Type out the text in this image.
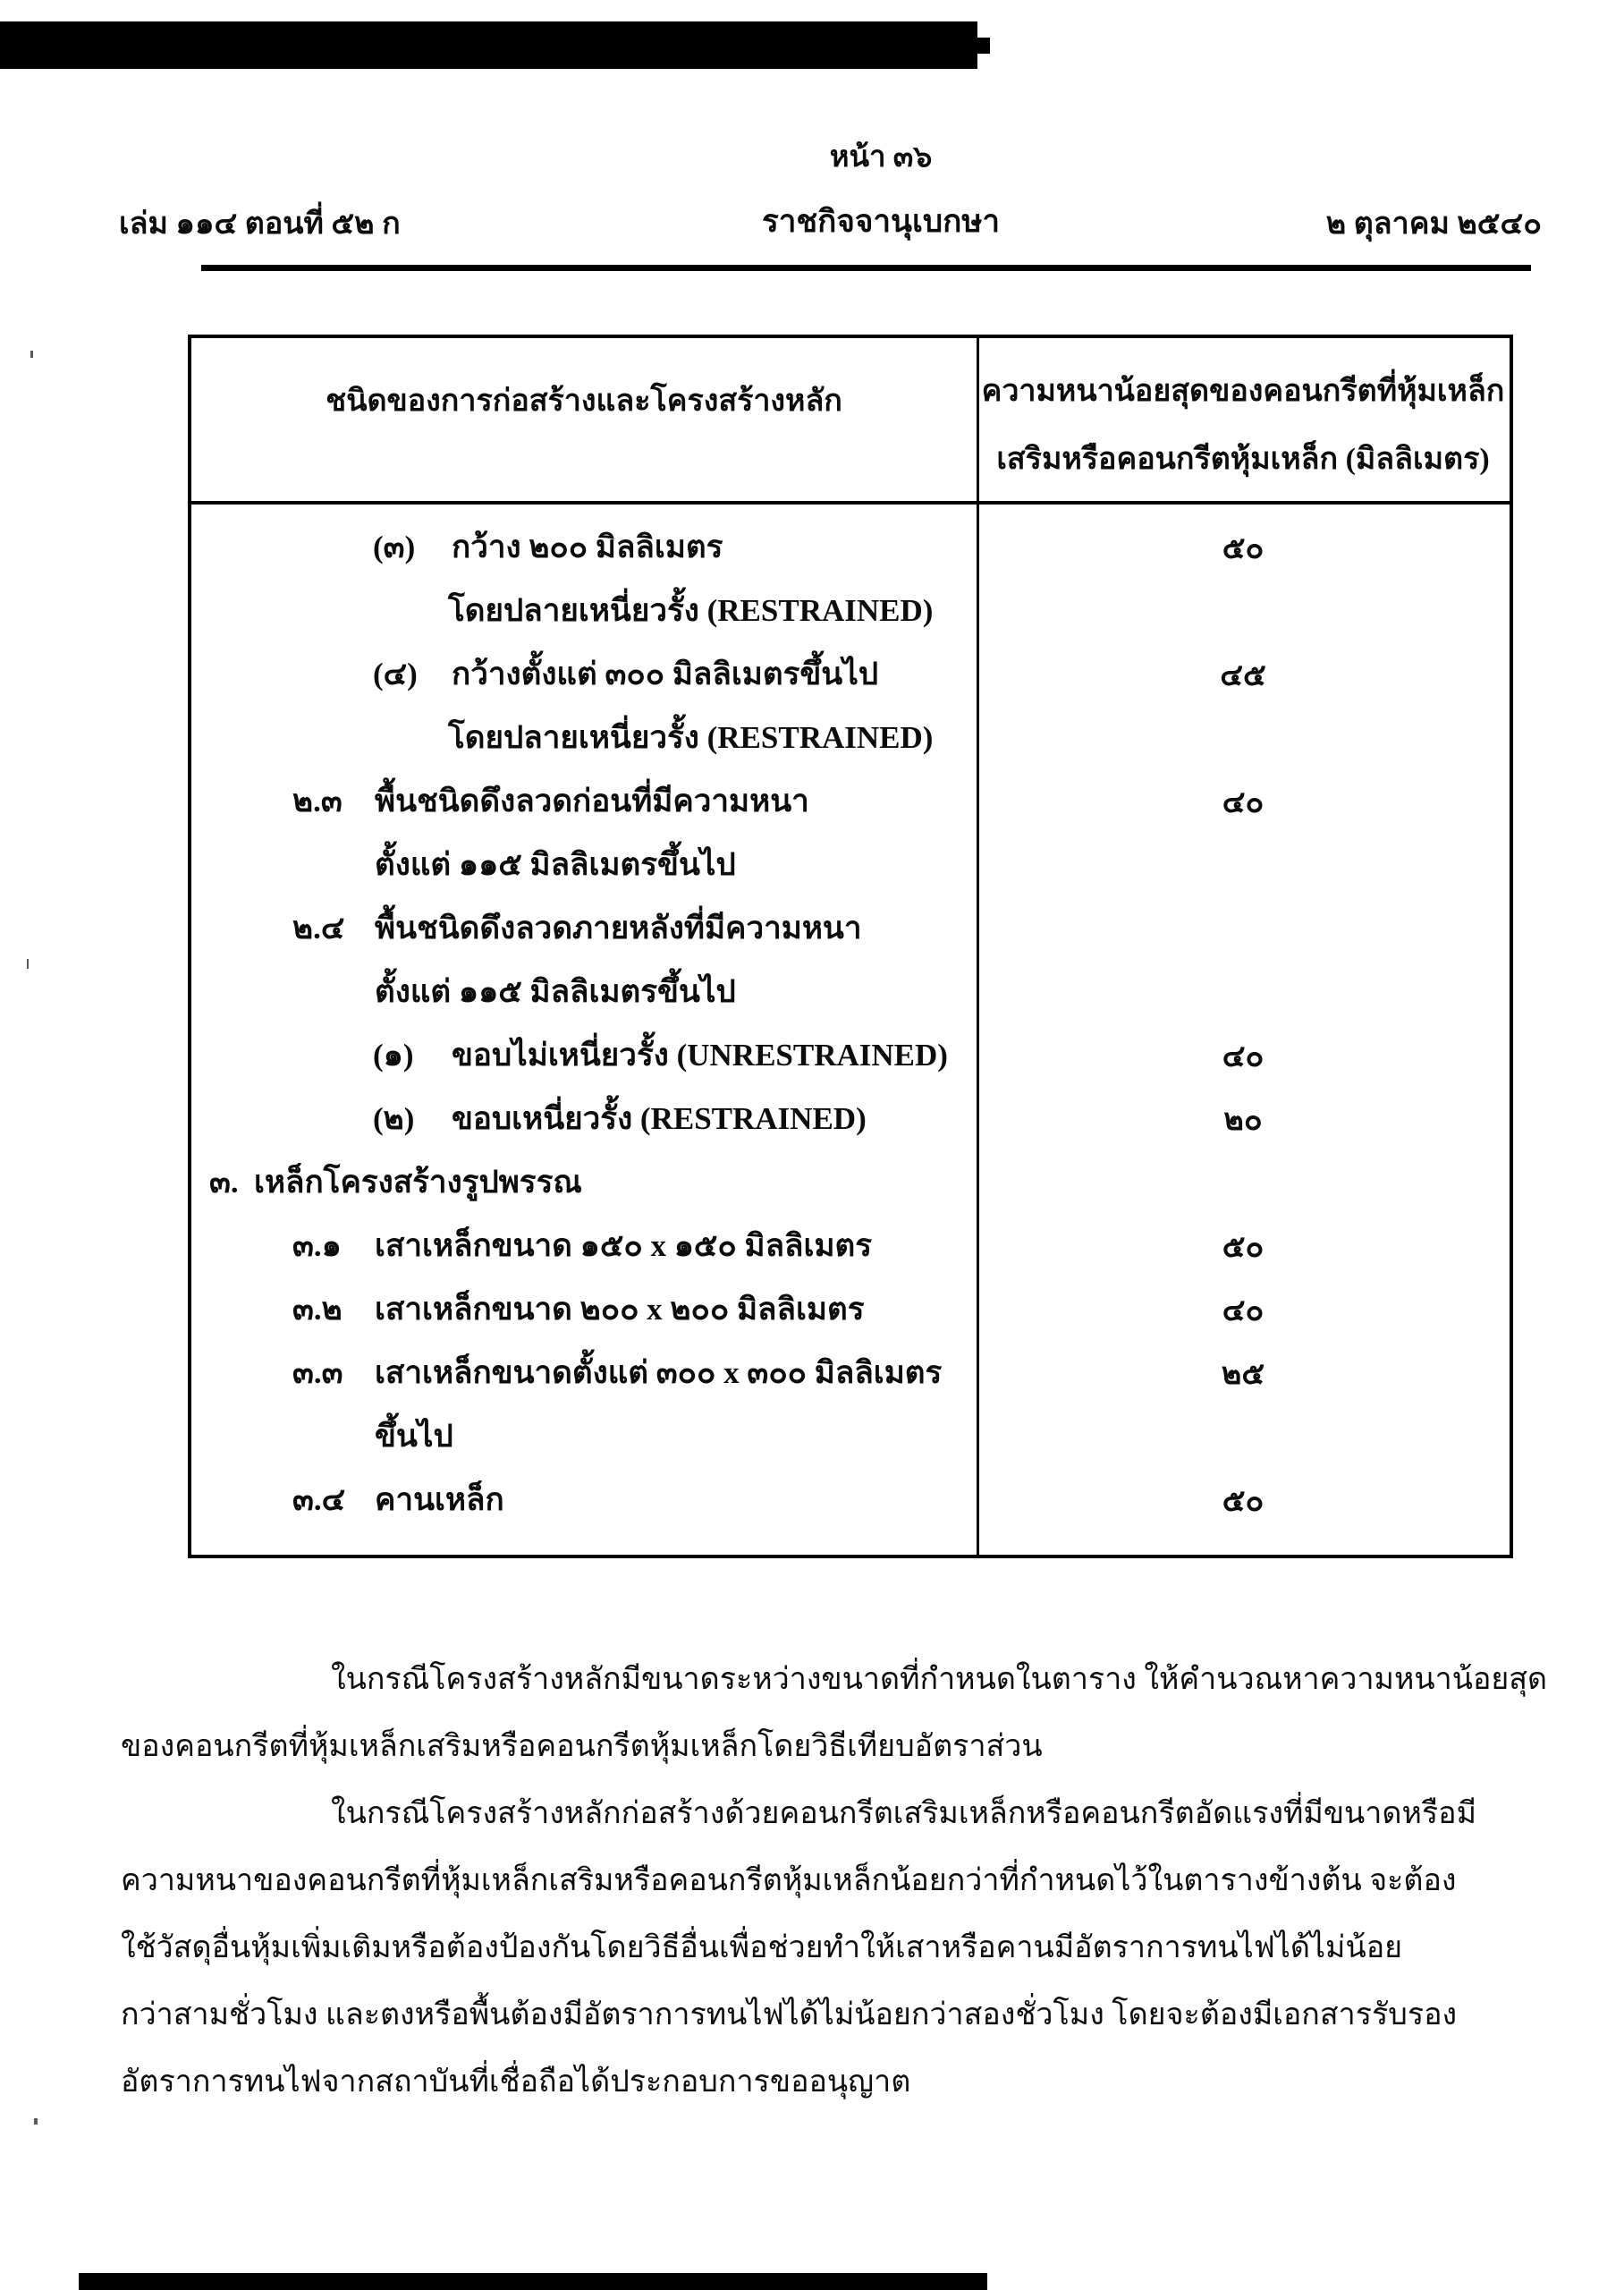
หน้า ๓๖
เล่ม ๑๑๔ ตอนที่ ๕๒ ก	ราชกิจจานุเบกษา	๒ ตุลาคม ๒๕๔๐
ชนิดของการก่อสร้างและโครงสร้างหลัก	ความหนาน้อยสุดของคอนกรีตที่หุ้มเหล็ก
เสริมหรือคอนกรีตหุ้มเหล็ก (มิลลิเมตร)
(๓)	กว้าง ๒๐๐ มิลลิเมตร	๕๐
โดยปลายเหนี่ยวรั้ง (RESTRAINED)
(๔)	กว้างตั้งแต่ ๓๐๐ มิลลิเมตรขึ้นไป	๔๕
โดยปลายเหนี่ยวรั้ง (RESTRAINED)
๒.๓	พื้นชนิดดึงลวดก่อนที่มีความหนา	๔๐
ตั้งแต่ ๑๑๕ มิลลิเมตรขึ้นไป
๒.๔ พื้นชนิดดึงลวดภายหลังที่มีความหนา
ตั้งแต่ ๑๑๕ มิลลิเมตรขึ้นไป
(๑)	ขอบไม่เหนี่ยวรั้ง (UNRESTRAINED)	๔๐
(๒)	ขอบเหนี่ยวรั้ง (RESTRAINED)	๒๐
๓. เหล็กโครงสร้างรูปพรรณ
๓.๑	เสาเหล็กขนาด ๑๕๐ x ๑๕๐ มิลลิเมตร	๕๐
๓.๒	เสาเหล็กขนาด ๒๐๐ x ๒๐๐ มิลลิเมตร	๔๐
๓.๓	เสาเหล็กขนาดตั้งแต่ ๓๐๐ x ๓๐๐ มิลลิเมตร	๒๕
ขึ้นไป
๓.๔ คานเหล็ก	๕๐
ในกรณีโครงสร้างหลักมีขนาดระหว่างขนาดที่กำหนดในตาราง ให้คำนวณหาความหนาน้อยสุด
ของคอนกรีตที่หุ้มเหล็กเสริมหรือคอนกรีตหุ้มเหล็กโดยวิธีเทียบอัตราส่วน
ในกรณีโครงสร้างหลักก่อสร้างด้วยคอนกรีตเสริมเหล็กหรือคอนกรีตอัดแรงที่มีขนาดหรือมี
ความหนาของคอนกรีตที่หุ้มเหล็กเสริมหรือคอนกรีตหุ้มเหล็กน้อยกว่าที่กำหนดไว้ในตารางข้างต้น จะต้อง
ใช้วัสดุอื่นหุ้มเพิ่มเติมหรือต้องป้องกันโดยวิธีอื่นเพื่อช่วยทำให้เสาหรือคานมีอัตราการทนไฟได้ไม่น้อย
กว่าสามชั่วโมง และตงหรือพื้นต้องมีอัตราการทนไฟได้ไม่น้อยกว่าสองชั่วโมง โดยจะต้องมีเอกสารรับรอง
อัตราการทนไฟจากสถาบันที่เชื่อถือได้ประกอบการขออนุญาต
